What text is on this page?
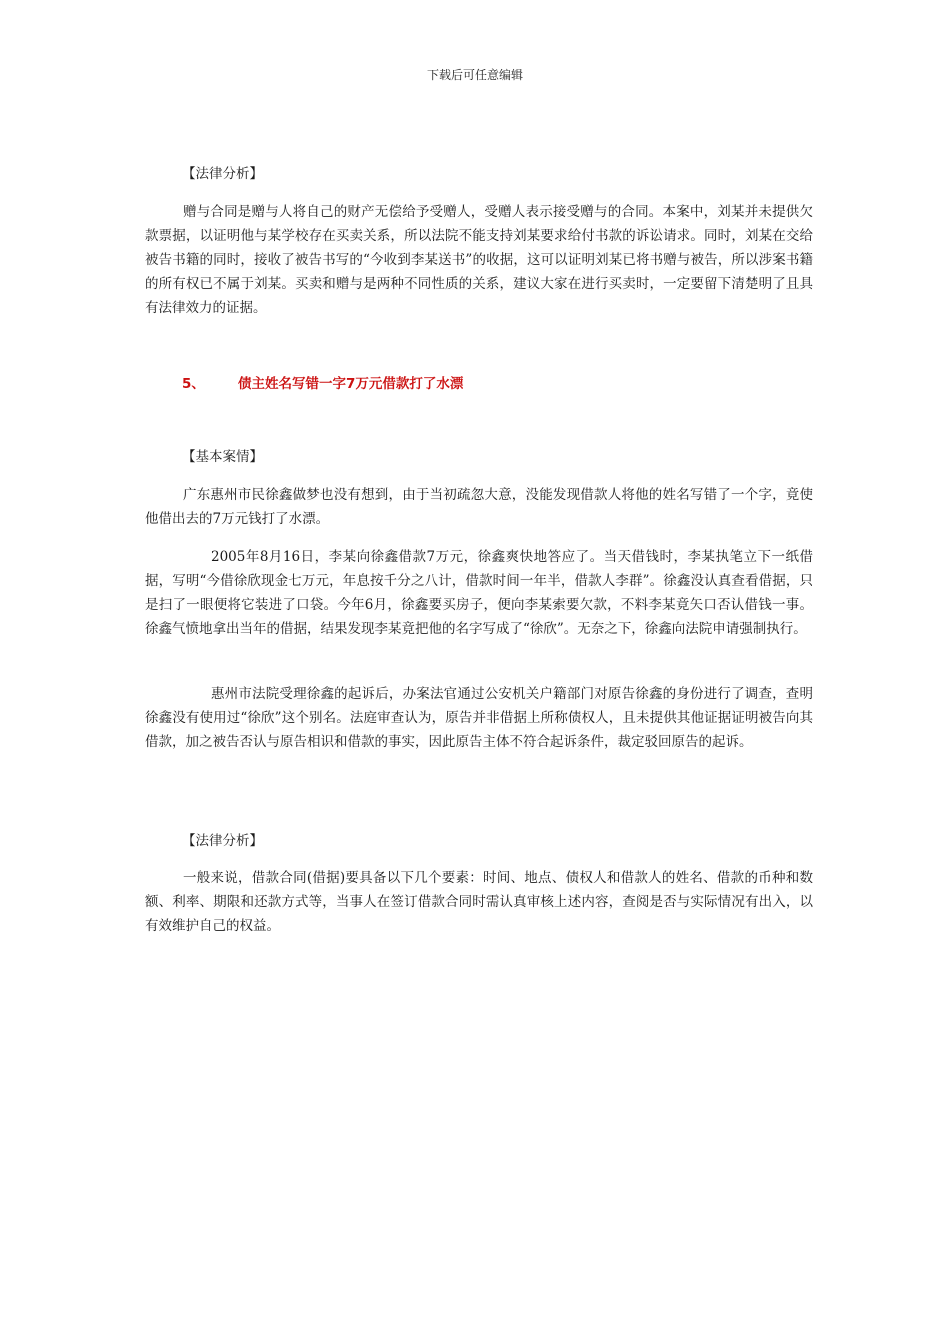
下载后可任意编辑
【法律分析】

赠与合同是赠与人将自己的财产无偿给予受赠人，受赠人表示接受赠与的合同。本案中，刘某并未提供欠款票据，以证明他与某学校存在买卖关系，所以法院不能支持刘某要求给付书款的诉讼请求。同时，刘某在交给被告书籍的同时，接收了被告书写的“今收到李某送书”的收据，这可以证明刘某已将书赠与被告，所以涉案书籍的所有权已不属于刘某。买卖和赠与是两种不同性质的关系，建议大家在进行买卖时，一定要留下清楚明了且具有法律效力的证据。

5、 债主姓名写错一字7万元借款打了水漂
【基本案情】

广东惠州市民徐鑫做梦也没有想到，由于当初疏忽大意，没能发现借款人将他的姓名写错了一个字，竟使他借出去的7万元钱打了水漂。

2005年8月16日，李某向徐鑫借款7万元，徐鑫爽快地答应了。当天借钱时，李某执笔立下一纸借据，写明“今借徐欣现金七万元，年息按千分之八计，借款时间一年半，借款人李群”。徐鑫没认真查看借据，只是扫了一眼便将它装进了口袋。今年6月，徐鑫要买房子，便向李某索要欠款，不料李某竟矢口否认借钱一事。徐鑫气愤地拿出当年的借据，结果发现李某竟把他的名字写成了“徐欣”。无奈之下，徐鑫向法院申请强制执行。

惠州市法院受理徐鑫的起诉后，办案法官通过公安机关户籍部门对原告徐鑫的身份进行了调查，查明徐鑫没有使用过“徐欣”这个别名。法庭审查认为，原告并非借据上所称债权人，且未提供其他证据证明被告向其借款，加之被告否认与原告相识和借款的事实，因此原告主体不符合起诉条件，裁定驳回原告的起诉。

【法律分析】

一般来说，借款合同(借据)要具备以下几个要素：时间、地点、债权人和借款人的姓名、借款的币种和数额、利率、期限和还款方式等，当事人在签订借款合同时需认真审核上述内容，查阅是否与实际情况有出入，以有效维护自己的权益。
